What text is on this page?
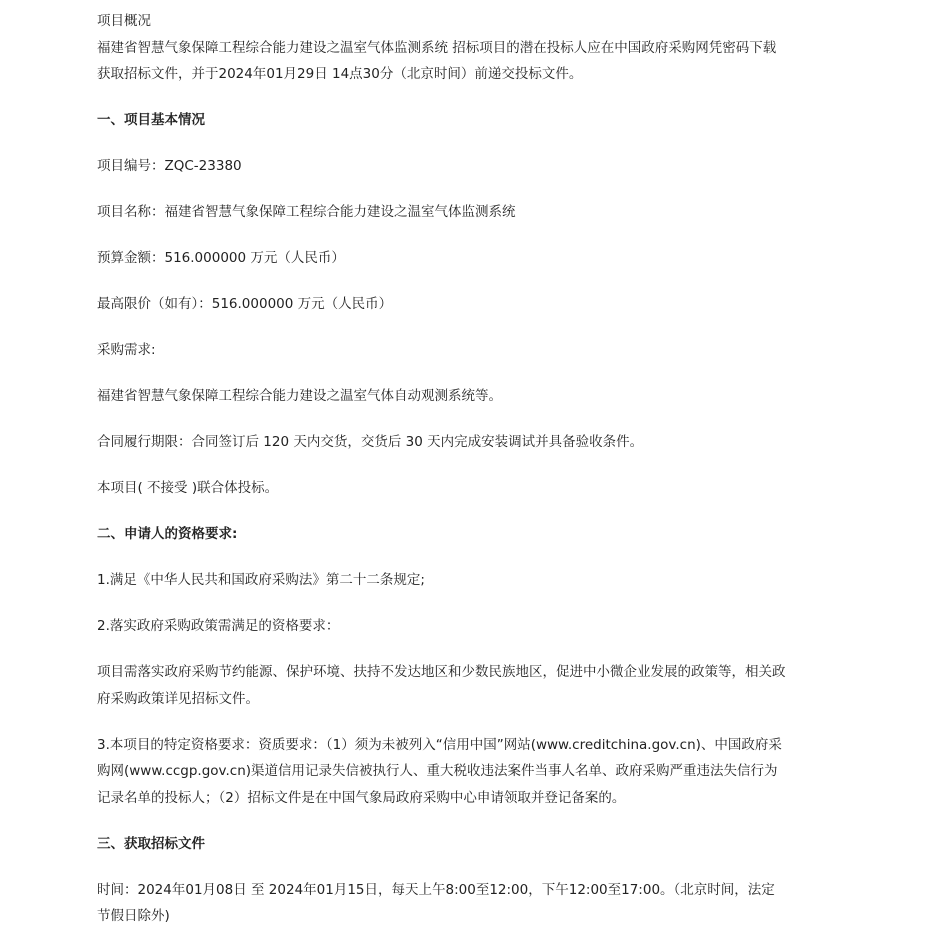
项目概况

福建省智慧气象保障工程综合能力建设之温室气体监测系统 招标项目的潜在投标人应在中国政府采购网凭密码下载获取招标文件，并于2024年01月29日 14点30分（北京时间）前递交投标文件。

一、项目基本情况

项目编号：ZQC-23380

项目名称：福建省智慧气象保障工程综合能力建设之温室气体监测系统

预算金额：516.000000 万元（人民币）

最高限价（如有）：516.000000 万元（人民币）

采购需求:

福建省智慧气象保障工程综合能力建设之温室气体自动观测系统等。

合同履行期限：合同签订后 120 天内交货，交货后 30 天内完成安装调试并具备验收条件。

本项目( 不接受 )联合体投标。

二、申请人的资格要求:

1.满足《中华人民共和国政府采购法》第二十二条规定;

2.落实政府采购政策需满足的资格要求：

项目需落实政府采购节约能源、保护环境、扶持不发达地区和少数民族地区，促进中小微企业发展的政策等，相关政府采购政策详见招标文件。

3.本项目的特定资格要求：资质要求：（1）须为未被列入“信用中国”网站(www.creditchina.gov.cn)、中国政府采购网(www.ccgp.gov.cn)渠道信用记录失信被执行人、重大税收违法案件当事人名单、政府采购严重违法失信行为记录名单的投标人；（2）招标文件是在中国气象局政府采购中心申请领取并登记备案的。

三、获取招标文件

时间：2024年01月08日 至 2024年01月15日，每天上午8:00至12:00，下午12:00至17:00。（北京时间，法定节假日除外)
